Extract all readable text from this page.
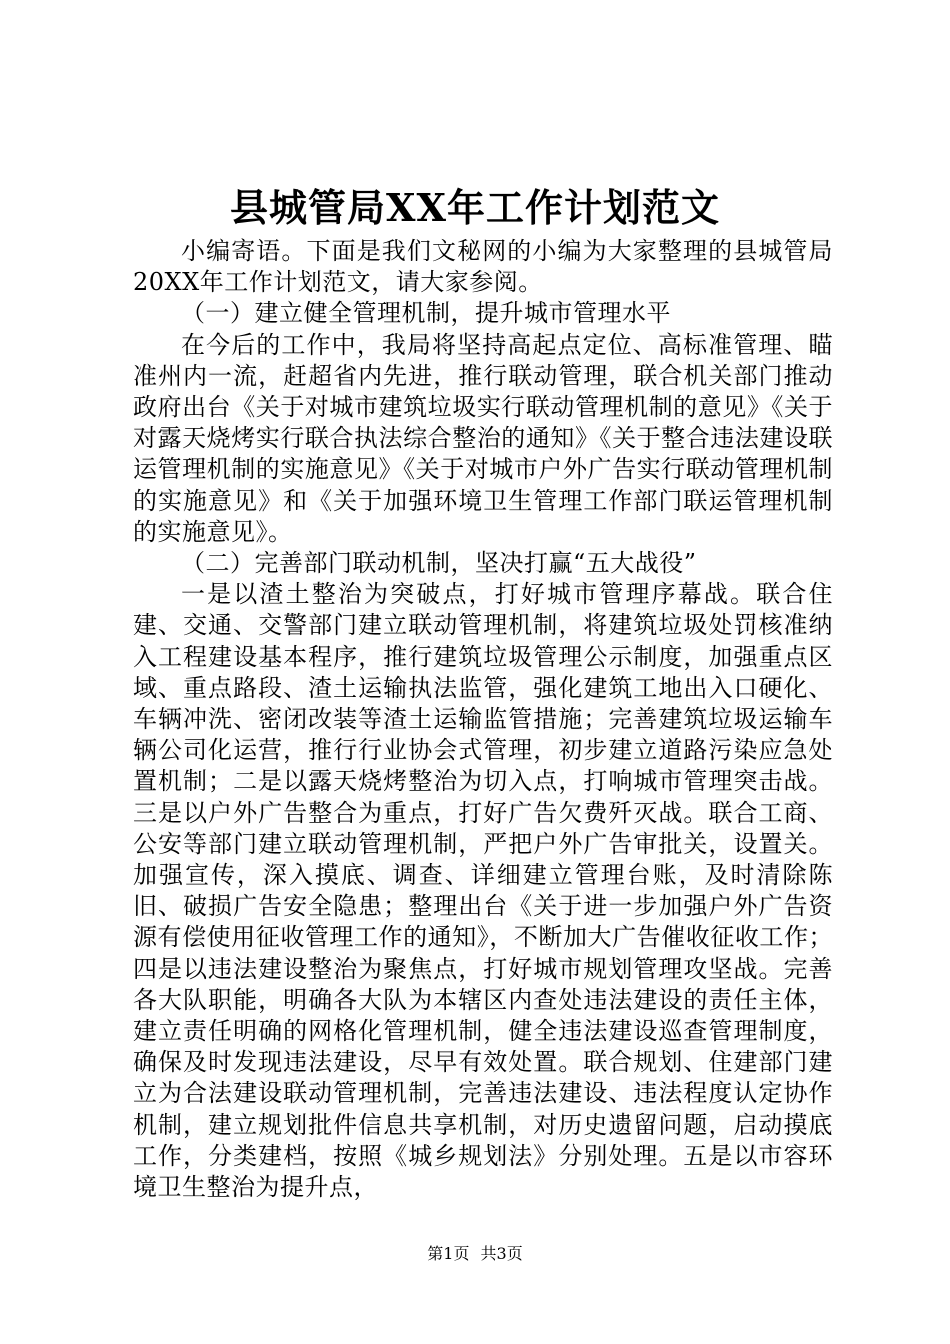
县城管局XX年工作计划范文

小编寄语。下面是我们文秘网的小编为大家整理的县城管局20XX年工作计划范文，请大家参阅。

（一）建立健全管理机制，提升城市管理水平

在今后的工作中，我局将坚持高起点定位、高标准管理、瞄准州内一流，赶超省内先进，推行联动管理，联合机关部门推动政府出台《关于对城市建筑垃圾实行联动管理机制的意见》《关于对露天烧烤实行联合执法综合整治的通知》《关于整合违法建设联运管理机制的实施意见》《关于对城市户外广告实行联动管理机制的实施意见》和《关于加强环境卫生管理工作部门联运管理机制的实施意见》。

（二）完善部门联动机制，坚决打赢“五大战役”

一是以渣土整治为突破点，打好城市管理序幕战。联合住建、交通、交警部门建立联动管理机制，将建筑垃圾处罚核准纳入工程建设基本程序，推行建筑垃圾管理公示制度，加强重点区域、重点路段、渣土运输执法监管，强化建筑工地出入口硬化、车辆冲洗、密闭改装等渣土运输监管措施；完善建筑垃圾运输车辆公司化运营，推行行业协会式管理，初步建立道路污染应急处置机制；二是以露天烧烤整治为切入点，打响城市管理突击战。三是以户外广告整合为重点，打好广告欠费歼灭战。联合工商、公安等部门建立联动管理机制，严把户外广告审批关，设置关。加强宣传，深入摸底、调查、详细建立管理台账，及时清除陈旧、破损广告安全隐患；整理出台《关于进一步加强户外广告资源有偿使用征收管理工作的通知》，不断加大广告催收征收工作；四是以违法建设整治为聚焦点，打好城市规划管理攻坚战。完善各大队职能，明确各大队为本辖区内查处违法建设的责任主体，建立责任明确的网格化管理机制，健全违法建设巡查管理制度，确保及时发现违法建设，尽早有效处置。联合规划、住建部门建立为合法建设联动管理机制，完善违法建设、违法程度认定协作机制，建立规划批件信息共享机制，对历史遗留问题，启动摸底工作，分类建档，按照《城乡规划法》分别处理。五是以市容环境卫生整治为提升点，

第1页 共3页
